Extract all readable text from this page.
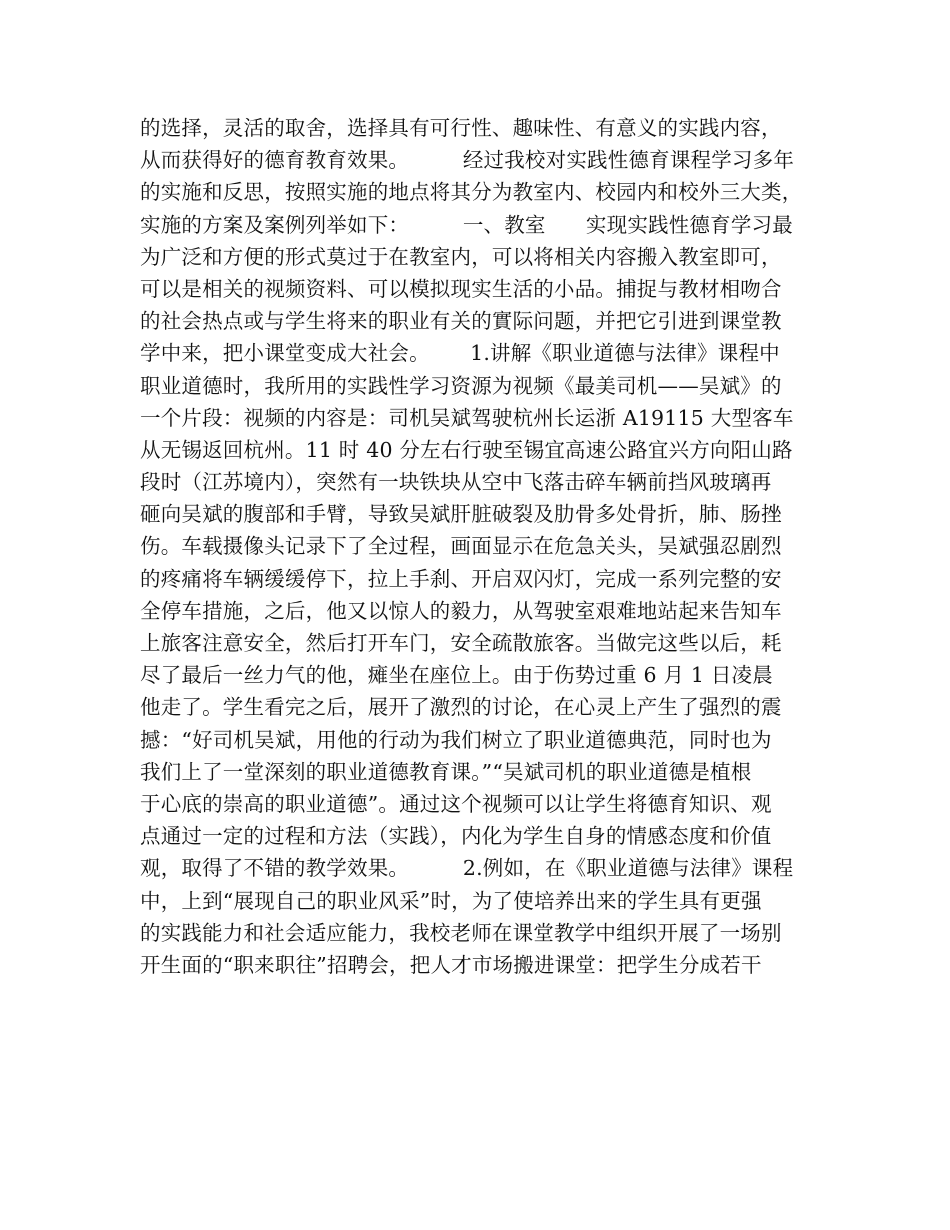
的选择，灵活的取舍，选择具有可行性、趣味性、有意义的实践内容，
从而获得好的德育教育效果。        经过我校对实践性德育课程学习多年
的实施和反思，按照实施的地点将其分为教室内、校园内和校外三大类，
实施的方案及案例列举如下：        一、教室      实现实践性德育学习最
为广泛和方便的形式莫过于在教室内，可以将相关内容搬入教室即可，
可以是相关的视频资料、可以模拟现实生活的小品。捕捉与教材相吻合
的社会热点或与学生将来的职业有关的實际问题，并把它引进到课堂教
学中来，把小课堂变成大社会。      1.讲解《职业道德与法律》课程中
职业道德时，我所用的实践性学习资源为视频《最美司机——吴斌》的
一个片段：视频的内容是：司机吴斌驾驶杭州长运浙 A19115 大型客车
从无锡返回杭州。11 时 40 分左右行驶至锡宜高速公路宜兴方向阳山路
段时（江苏境内），突然有一块铁块从空中飞落击碎车辆前挡风玻璃再
砸向吴斌的腹部和手臂，导致吴斌肝脏破裂及肋骨多处骨折，肺、肠挫
伤。车载摄像头记录下了全过程，画面显示在危急关头，吴斌强忍剧烈
的疼痛将车辆缓缓停下，拉上手刹、开启双闪灯，完成一系列完整的安
全停车措施，之后，他又以惊人的毅力，从驾驶室艰难地站起来告知车
上旅客注意安全，然后打开车门，安全疏散旅客。当做完这些以后，耗
尽了最后一丝力气的他，瘫坐在座位上。由于伤势过重 6 月 1 日凌晨
他走了。学生看完之后，展开了激烈的讨论，在心灵上产生了强烈的震
撼：“好司机吴斌，用他的行动为我们树立了职业道德典范，同时也为
我们上了一堂深刻的职业道德教育课。”“吴斌司机的职业道德是植根
于心底的崇高的职业道德”。通过这个视频可以让学生将德育知识、观
点通过一定的过程和方法（实践），内化为学生自身的情感态度和价值
观，取得了不错的教学效果。        2.例如，在《职业道德与法律》课程
中，上到“展现自己的职业风采”时，为了使培养出来的学生具有更强
的实践能力和社会适应能力，我校老师在课堂教学中组织开展了一场别
开生面的“职来职往”招聘会，把人才市场搬进课堂：把学生分成若干
